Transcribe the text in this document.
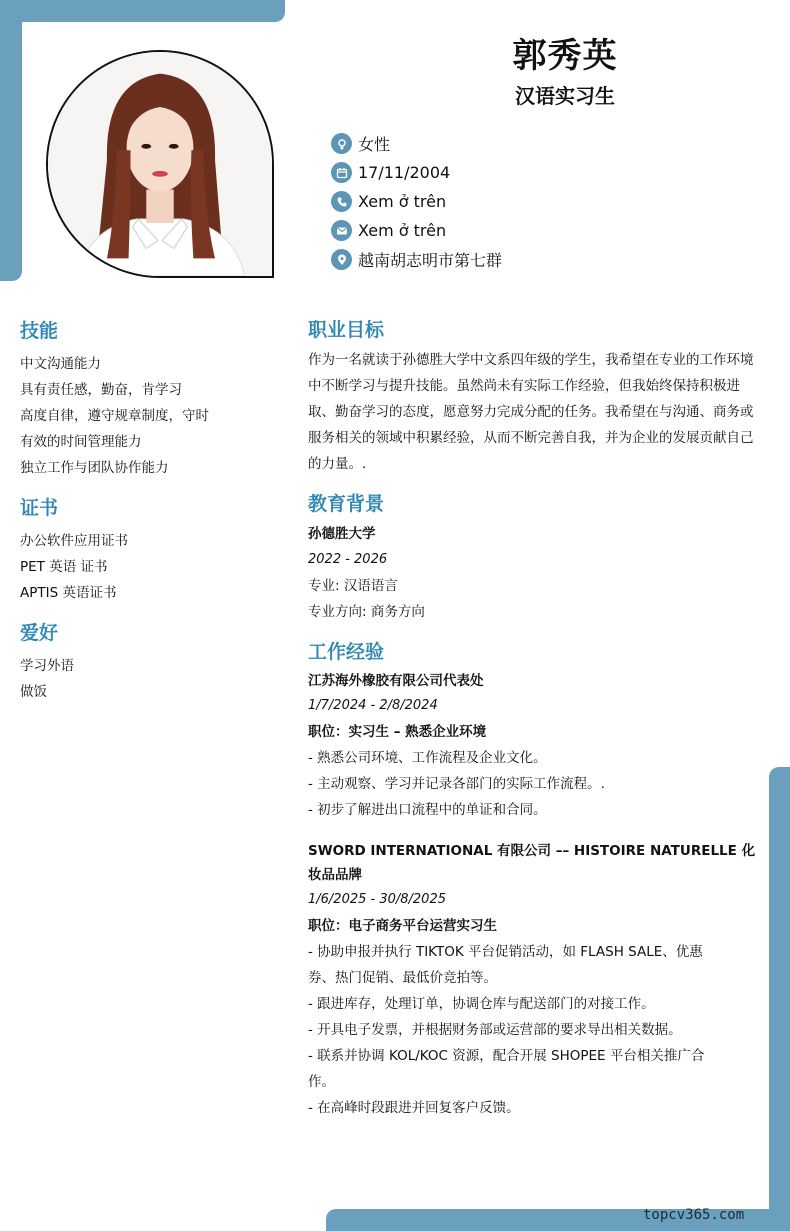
郭秀英
汉语实习生
女性
17/11/2004
Xem ở trên
Xem ở trên
越南胡志明市第七群
技能
中文沟通能力
具有责任感，勤奋，肯学习
高度自律，遵守规章制度，守时
有效的时间管理能力
独立工作与团队协作能力
证书
办公软件应用证书
PET 英语 证书
APTIS 英语证书
爱好
学习外语
做饭
职业目标
作为一名就读于孙德胜大学中文系四年级的学生，我希望在专业的工作环境中不断学习与提升技能。虽然尚未有实际工作经验，但我始终保持积极进取、勤奋学习的态度，愿意努力完成分配的任务。我希望在与沟通、商务或服务相关的领域中积累经验，从而不断完善自我，并为企业的发展贡献自己的力量。.
教育背景
孙德胜大学
2022 - 2026
专业: 汉语语言
专业方向: 商务方向
工作经验
江苏海外橡胶有限公司代表处
1/7/2024 - 2/8/2024
职位：实习生 – 熟悉企业环境
- 熟悉公司环境、工作流程及企业文化。
- 主动观察、学习并记录各部门的实际工作流程。.
- 初步了解进出口流程中的单证和合同。
SWORD INTERNATIONAL 有限公司 –– HISTOIRE NATURELLE 化妆品品牌
1/6/2025 - 30/8/2025
职位：电子商务平台运营实习生
- 协助申报并执行 TIKTOK 平台促销活动，如 FLASH SALE、优惠券、热门促销、最低价竞拍等。
- 跟进库存，处理订单，协调仓库与配送部门的对接工作。
- 开具电子发票，并根据财务部或运营部的要求导出相关数据。
- 联系并协调 KOL/KOC 资源，配合开展 SHOPEE 平台相关推广合作。
- 在高峰时段跟进并回复客户反馈。
topcv365.com
